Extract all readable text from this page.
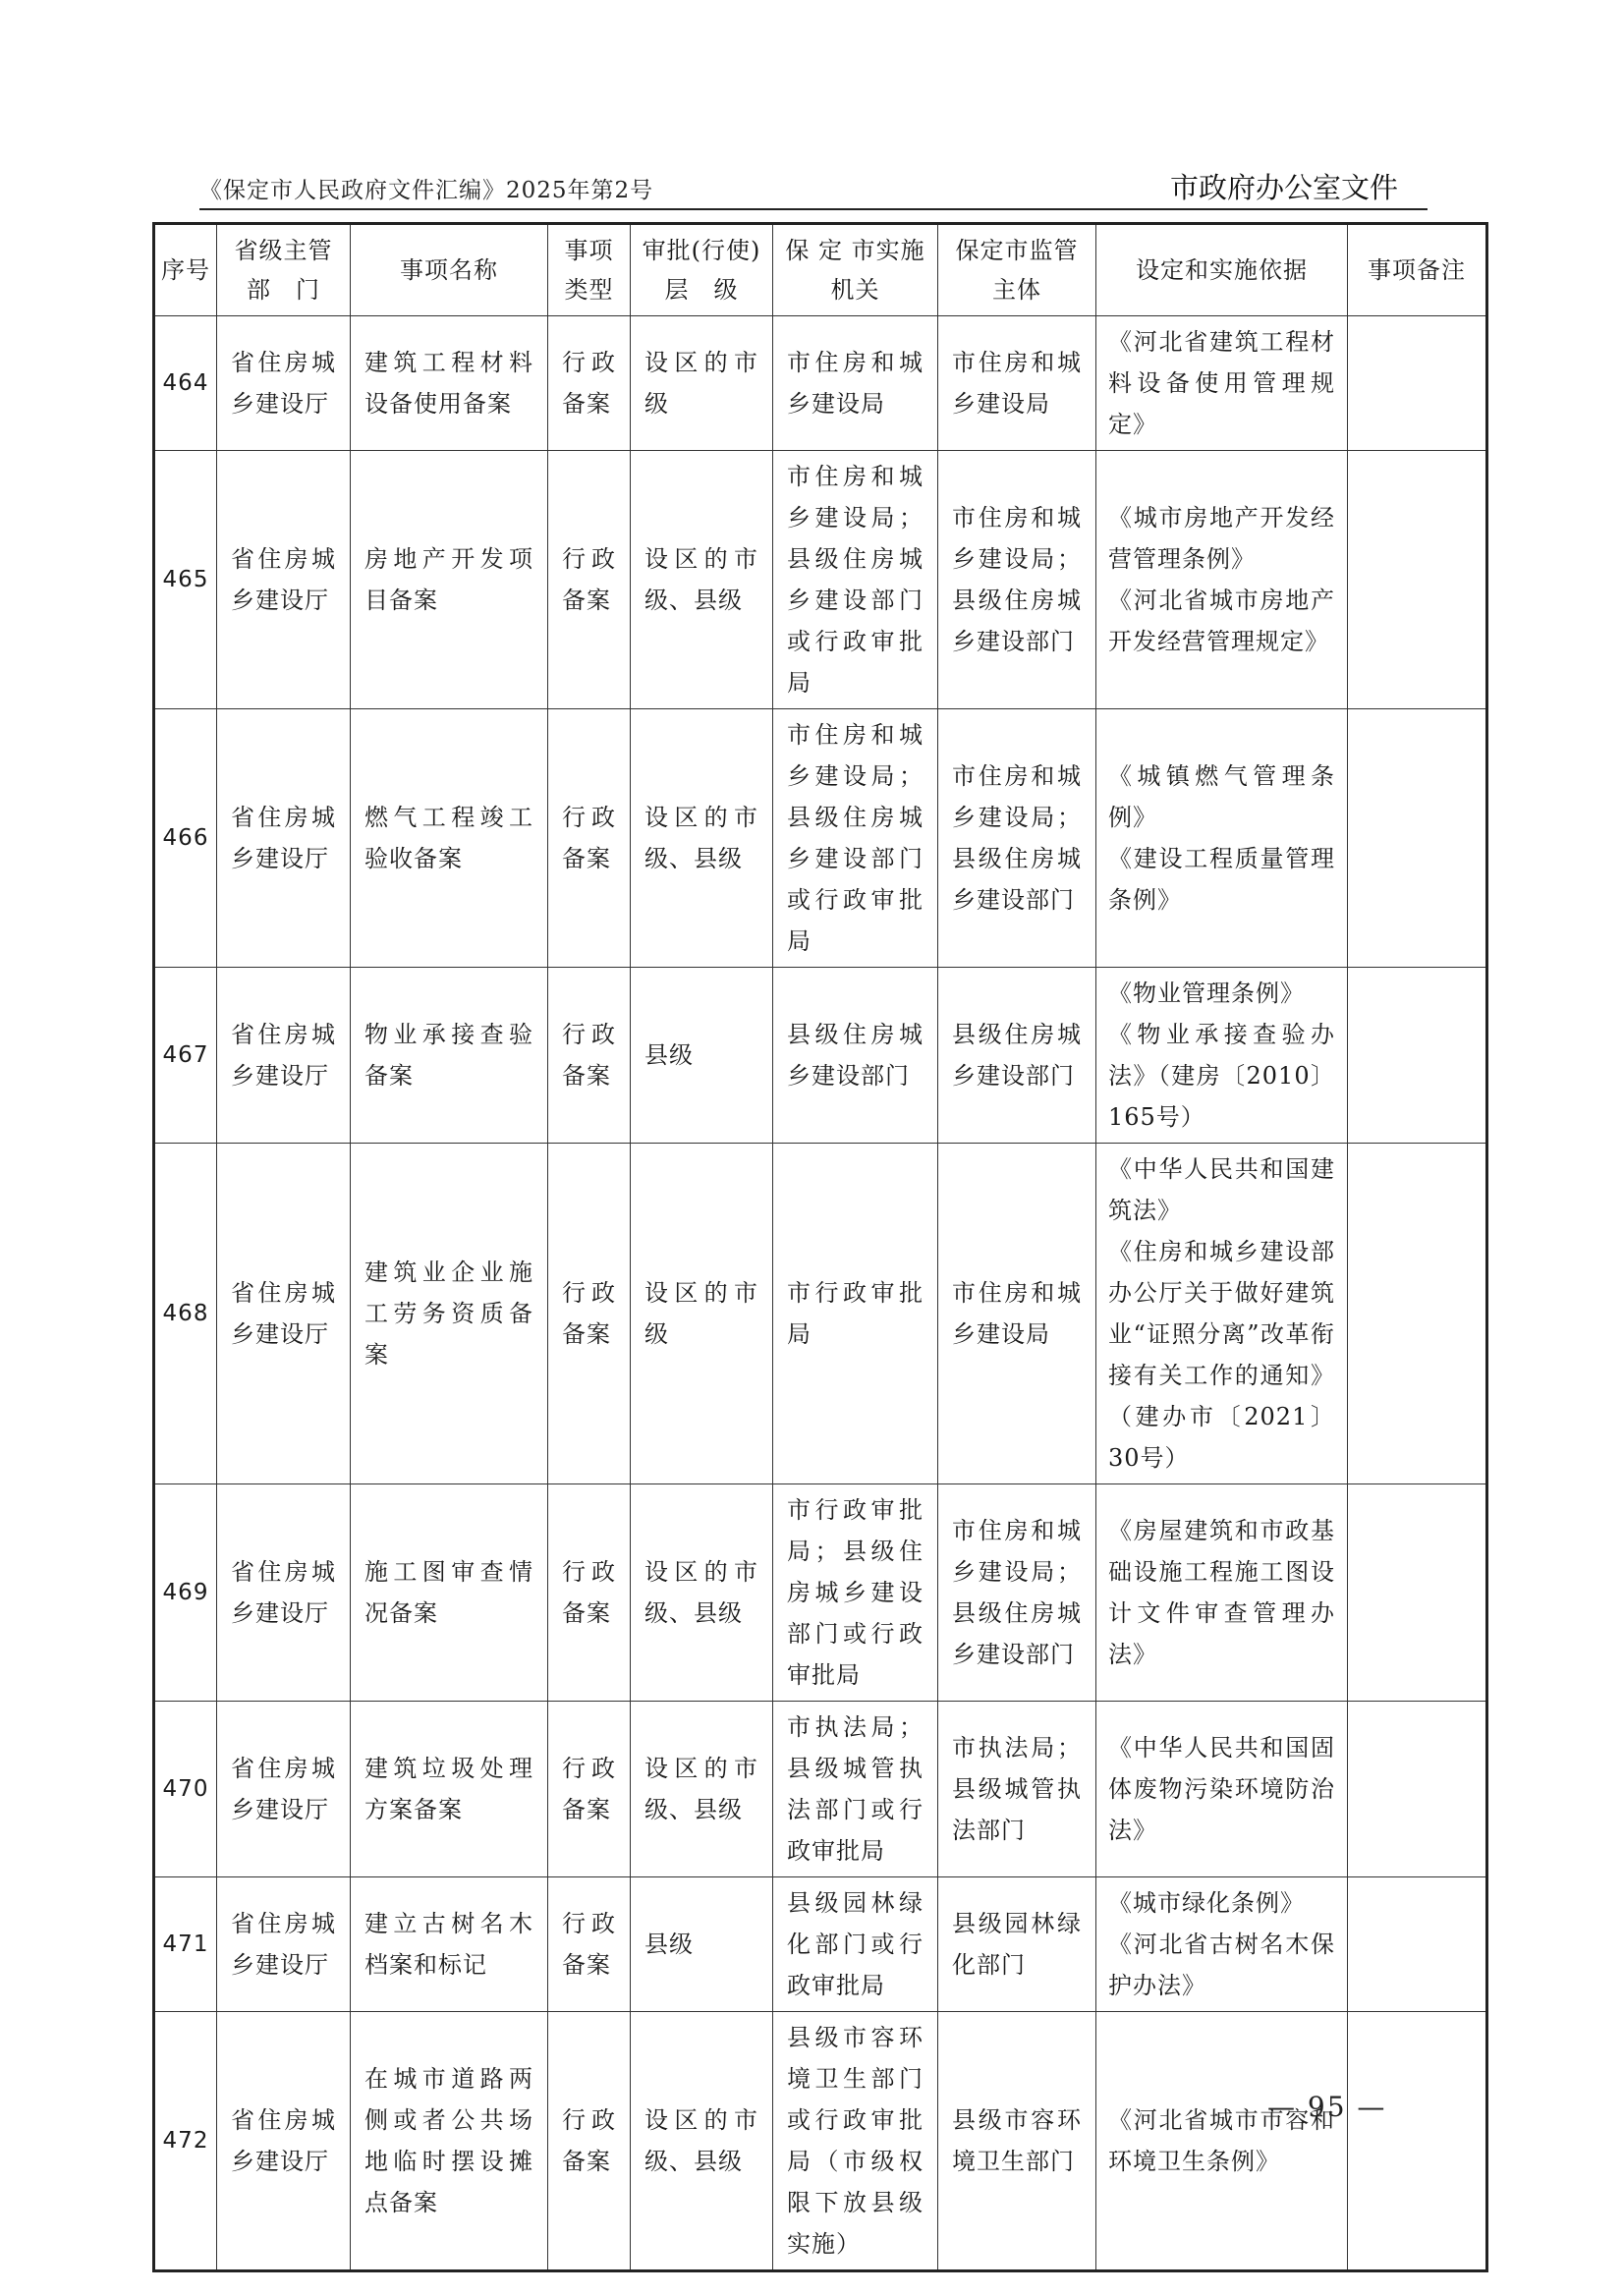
《保定市人民政府文件汇编》2025年第2号	市政府办公室文件
序号	省级主管部　门	事项名称	事项类型	审批(行使)层　级	保 定 市实施机关	保定市监管主体	设定和实施依据	事项备注
464	省住房城乡建设厅	建筑工程材料设备使用备案	行政备案	设区的市级	市住房和城乡建设局	市住房和城乡建设局	《河北省建筑工程材料设备使用管理规定》	

465	省住房城乡建设厅	房地产开发项目备案	行政备案	设区的市级、县级	市住房和城乡建设局；县级住房城乡建设部门或行政审批局	市住房和城乡建设局；县级住房城乡建设部门	《城市房地产开发经营管理条例》
《河北省城市房地产开发经营管理规定》	

466	省住房城乡建设厅	燃气工程竣工验收备案	行政备案	设区的市级、县级	市住房和城乡建设局；县级住房城乡建设部门或行政审批局	市住房和城乡建设局；县级住房城乡建设部门	《城镇燃气管理条例》
《建设工程质量管理条例》	

467	省住房城乡建设厅	物业承接查验备案	行政备案	县级	县级住房城乡建设部门	县级住房城乡建设部门	《物业管理条例》
《物业承接查验办法》（建房〔2010〕165号）	

468	省住房城乡建设厅	建筑业企业施工劳务资质备案	行政备案	设区的市级	市行政审批局	市住房和城乡建设局	《中华人民共和国建筑法》
《住房和城乡建设部办公厅关于做好建筑业“证照分离”改革衔接有关工作的通知》（建办市〔2021〕30号）	

469	省住房城乡建设厅	施工图审查情况备案	行政备案	设区的市级、县级	市行政审批局；县级住房城乡建设部门或行政审批局	市住房和城乡建设局；县级住房城乡建设部门	《房屋建筑和市政基础设施工程施工图设计文件审查管理办法》	

470	省住房城乡建设厅	建筑垃圾处理方案备案	行政备案	设区的市级、县级	市执法局；县级城管执法部门或行政审批局	市执法局；县级城管执法部门	《中华人民共和国固体废物污染环境防治法》	

471	省住房城乡建设厅	建立古树名木档案和标记	行政备案	县级	县级园林绿化部门或行政审批局	县级园林绿化部门	《城市绿化条例》
《河北省古树名木保护办法》	

472	省住房城乡建设厅	在城市道路两侧或者公共场地临时摆设摊点备案	行政备案	设区的市级、县级	县级市容环境卫生部门或行政审批局（市级权限下放县级实施）	县级市容环境卫生部门	《河北省城市市容和环境卫生条例》	

— 95 —
